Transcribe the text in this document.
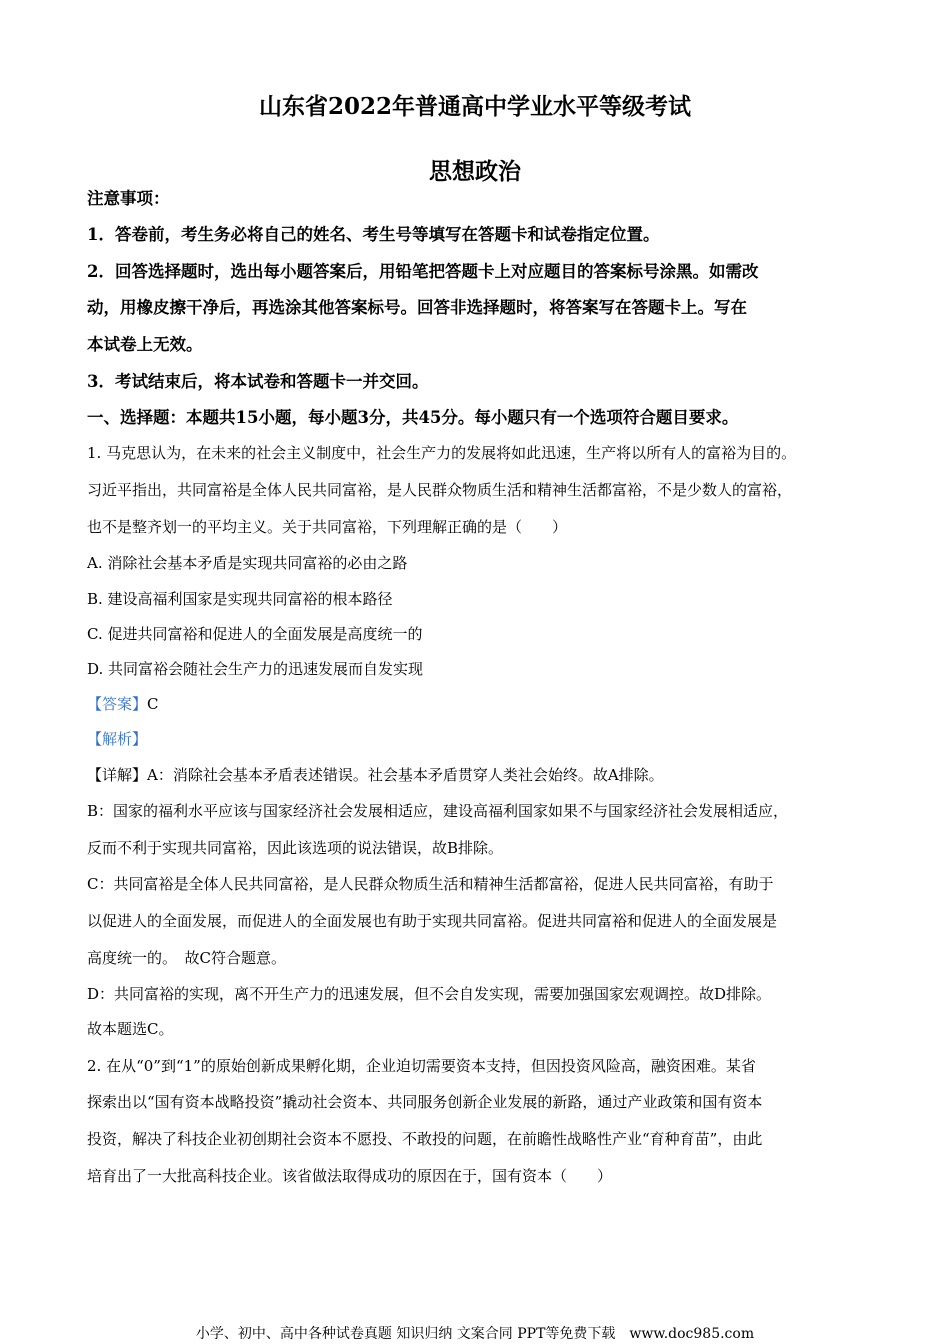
山东省2022年普通高中学业水平等级考试
思想政治
注意事项：
1．答卷前，考生务必将自己的姓名、考生号等填写在答题卡和试卷指定位置。
2．回答选择题时，选出每小题答案后，用铅笔把答题卡上对应题目的答案标号涂黑。如需改
动，用橡皮擦干净后，再选涂其他答案标号。回答非选择题时，将答案写在答题卡上。写在
本试卷上无效。
3．考试结束后，将本试卷和答题卡一并交回。
一、选择题：本题共15小题，每小题3分，共45分。每小题只有一个选项符合题目要求。
1. 马克思认为，在未来的社会主义制度中，社会生产力的发展将如此迅速，生产将以所有人的富裕为目的。
习近平指出，共同富裕是全体人民共同富裕，是人民群众物质生活和精神生活都富裕，不是少数人的富裕，
也不是整齐划一的平均主义。关于共同富裕，下列理解正确的是（　　）
A. 消除社会基本矛盾是实现共同富裕的必由之路
B. 建设高福利国家是实现共同富裕的根本路径
C. 促进共同富裕和促进人的全面发展是高度统一的
D. 共同富裕会随社会生产力的迅速发展而自发实现
【答案】C
【解析】
【详解】A：消除社会基本矛盾表述错误。社会基本矛盾贯穿人类社会始终。故A排除。
B：国家的福利水平应该与国家经济社会发展相适应，建设高福利国家如果不与国家经济社会发展相适应，
反而不利于实现共同富裕，因此该选项的说法错误，故B排除。
C：共同富裕是全体人民共同富裕，是人民群众物质生活和精神生活都富裕，促进人民共同富裕，有助于
以促进人的全面发展，而促进人的全面发展也有助于实现共同富裕。促进共同富裕和促进人的全面发展是
高度统一的。　故C符合题意。
D：共同富裕的实现，离不开生产力的迅速发展，但不会自发实现，需要加强国家宏观调控。故D排除。
故本题选C。
2. 在从“0”到“1”的原始创新成果孵化期，企业迫切需要资本支持，但因投资风险高，融资困难。某省
探索出以“国有资本战略投资”撬动社会资本、共同服务创新企业发展的新路，通过产业政策和国有资本
投资，解决了科技企业初创期社会资本不愿投、不敢投的问题，在前瞻性战略性产业“育种育苗”，由此
培育出了一大批高科技企业。该省做法取得成功的原因在于，国有资本（　　）
小学、初中、高中各种试卷真题 知识归纳 文案合同 PPT等免费下载　www.doc985.com
